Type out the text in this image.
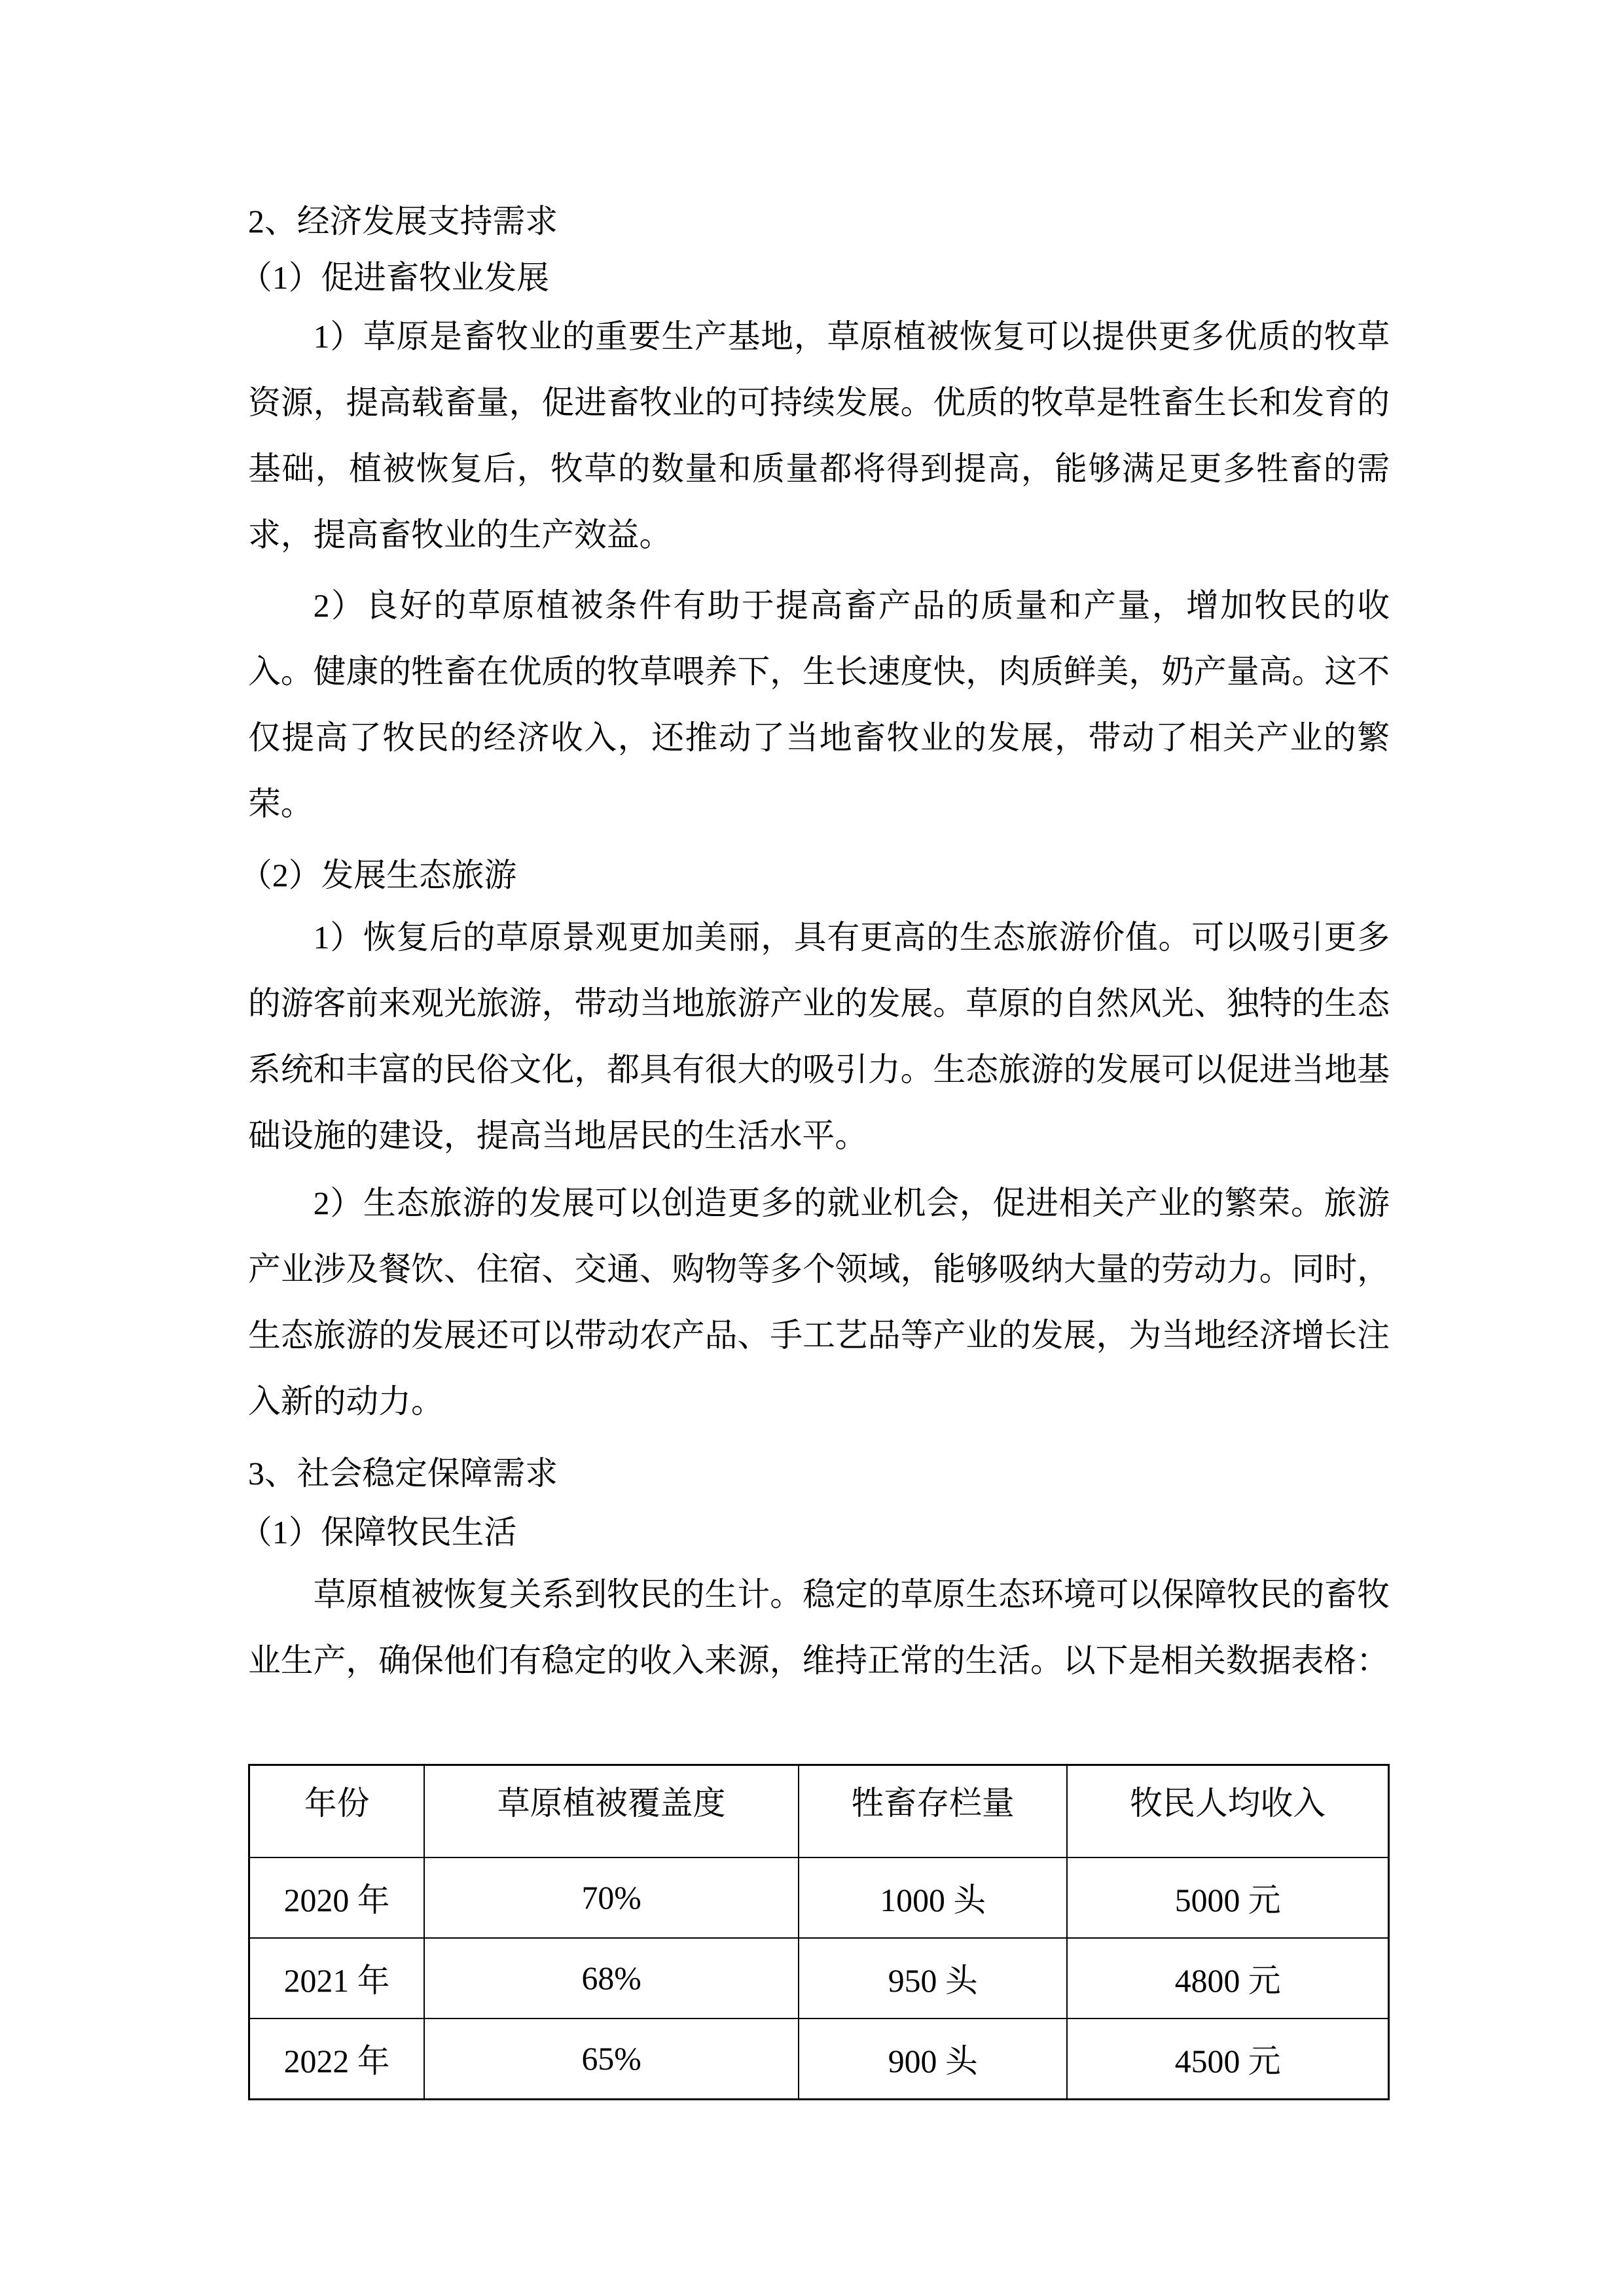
2、经济发展支持需求
（1）促进畜牧业发展
1）草原是畜牧业的重要生产基地，草原植被恢复可以提供更多优质的牧草资源，提高载畜量，促进畜牧业的可持续发展。优质的牧草是牲畜生长和发育的基础，植被恢复后，牧草的数量和质量都将得到提高，能够满足更多牲畜的需求，提高畜牧业的生产效益。
2）良好的草原植被条件有助于提高畜产品的质量和产量，增加牧民的收入。健康的牲畜在优质的牧草喂养下，生长速度快，肉质鲜美，奶产量高。这不仅提高了牧民的经济收入，还推动了当地畜牧业的发展，带动了相关产业的繁荣。
（2）发展生态旅游
1）恢复后的草原景观更加美丽，具有更高的生态旅游价值。可以吸引更多的游客前来观光旅游，带动当地旅游产业的发展。草原的自然风光、独特的生态系统和丰富的民俗文化，都具有很大的吸引力。生态旅游的发展可以促进当地基础设施的建设，提高当地居民的生活水平。
2）生态旅游的发展可以创造更多的就业机会，促进相关产业的繁荣。旅游产业涉及餐饮、住宿、交通、购物等多个领域，能够吸纳大量的劳动力。同时，生态旅游的发展还可以带动农产品、手工艺品等产业的发展，为当地经济增长注入新的动力。
3、社会稳定保障需求
（1）保障牧民生活
草原植被恢复关系到牧民的生计。稳定的草原生态环境可以保障牧民的畜牧业生产，确保他们有稳定的收入来源，维持正常的生活。以下是相关数据表格：
年份	草原植被覆盖度	牲畜存栏量	牧民人均收入
2020 年	70%	1000 头	5000 元
2021 年	68%	950 头	4800 元
2022 年	65%	900 头	4500 元
